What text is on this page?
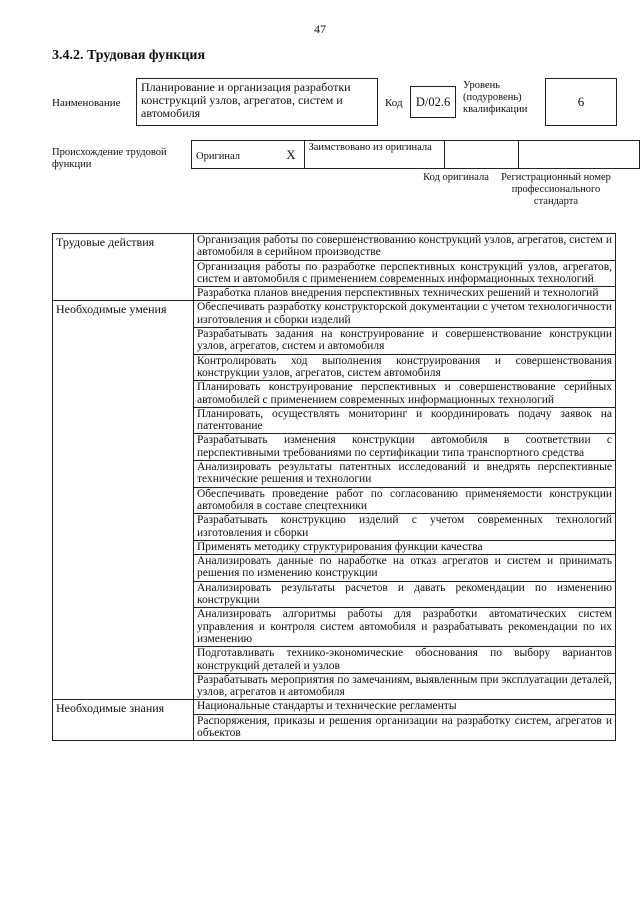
47
3.4.2. Трудовая функция
Наименование
Планирование и организация разработки конструкций узлов, агрегатов, систем и автомобиля
Код	D/02.6
Уровень (подуровень) квалификации
6
Происхождение трудовой функции
Оригинал	X	Заимствовано из оригинала		
Код оригинала	Регистрационный номер профессионального стандарта
Трудовые действия	Организация работы по совершенствованию конструкций узлов, агрегатов, систем и автомобиля в серийном производстве
	Организация работы по разработке перспективных конструкций узлов, агрегатов, систем и автомобиля с применением современных информационных технологий
	Разработка планов внедрения перспективных технических решений и технологий
Необходимые умения	Обеспечивать разработку конструкторской документации с учетом технологичности изготовления и сборки изделий
	Разрабатывать задания на конструирование и совершенствование конструкции узлов, агрегатов, систем и автомобиля
	Контролировать ход выполнения конструирования и совершенствования конструкции узлов, агрегатов, систем автомобиля
	Планировать конструирование перспективных и совершенствование серийных автомобилей с применением современных информационных технологий
	Планировать, осуществлять мониторинг и координировать подачу заявок на патентование
	Разрабатывать изменения конструкции автомобиля в соответствии с перспективными требованиями по сертификации типа транспортного средства
	Анализировать результаты патентных исследований и внедрять перспективные технические решения и технологии
	Обеспечивать проведение работ по согласованию применяемости конструкции автомобиля в составе спецтехники
	Разрабатывать конструкцию изделий с учетом современных технологий изготовления и сборки
	Применять методику структурирования функции качества
	Анализировать данные по наработке на отказ агрегатов и систем и принимать решения по изменению конструкции
	Анализировать результаты расчетов и давать рекомендации по изменению конструкции
	Анализировать алгоритмы работы для разработки автоматических систем управления и контроля систем автомобиля и разрабатывать рекомендации по их изменению
	Подготавливать технико-экономические обоснования по выбору вариантов конструкций деталей и узлов
	Разрабатывать мероприятия по замечаниям, выявленным при эксплуатации деталей, узлов, агрегатов и автомобиля
Необходимые знания	Национальные стандарты и технические регламенты
	Распоряжения, приказы и решения организации на разработку систем, агрегатов и объектов
